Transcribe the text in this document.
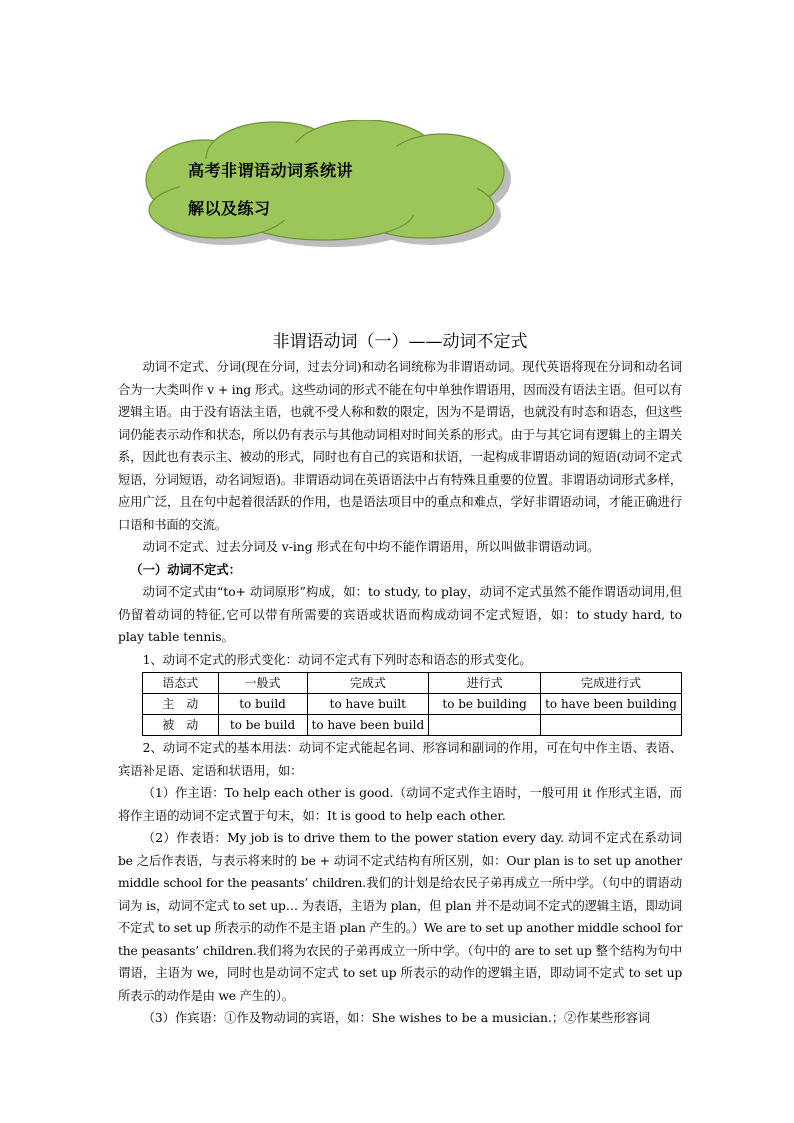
高考非谓语动词系统讲
解以及练习
非谓语动词（一）——动词不定式

动词不定式、分词(现在分词，过去分词)和动名词统称为非谓语动词。现代英语将现在分词和动名词合为一大类叫作 v + ing 形式。这些动词的形式不能在句中单独作谓语用，因而没有语法主语。但可以有逻辑主语。由于没有语法主语，也就不受人称和数的限定，因为不是谓语，也就没有时态和语态，但这些词仍能表示动作和状态，所以仍有表示与其他动词相对时间关系的形式。由于与其它词有逻辑上的主谓关系，因此也有表示主、被动的形式，同时也有自己的宾语和状语，一起构成非谓语动词的短语(动词不定式短语，分词短语，动名词短语)。非谓语动词在英语语法中占有特殊且重要的位置。非谓语动词形式多样，应用广泛，且在句中起着很活跃的作用，也是语法项目中的重点和难点，学好非谓语动词，才能正确进行口语和书面的交流。

动词不定式、过去分词及 v-ing 形式在句中均不能作谓语用，所以叫做非谓语动词。

（一）动词不定式：

动词不定式由“to+ 动词原形”构成，如：to study, to play，动词不定式虽然不能作谓语动词用,但仍留着动词的特征,它可以带有所需要的宾语或状语而构成动词不定式短语，如：to study hard, to play table tennis。

1、动词不定式的形式变化：动词不定式有下列时态和语态的形式变化。

语态式	一般式	完成式	进行式	完成进行式
主　动	to build	to have built	to be building	to have been building
被　动	to be build	to have been build		

2、动词不定式的基本用法：动词不定式能起名词、形容词和副词的作用，可在句中作主语、表语、宾语补足语、定语和状语用，如：

（1）作主语：To help each other is good.（动词不定式作主语时，一般可用 it 作形式主语，而将作主语的动词不定式置于句末，如：It is good to help each other.

（2）作表语：My job is to drive them to the power station every day. 动词不定式在系动词 be 之后作表语，与表示将来时的 be + 动词不定式结构有所区别，如：Our plan is to set up another middle school for the peasants’ children.我们的计划是给农民子弟再成立一所中学。（句中的谓语动词为 is，动词不定式 to set up… 为表语，主语为 plan，但 plan 并不是动词不定式的逻辑主语，即动词不定式 to set up 所表示的动作不是主语 plan 产生的。）We are to set up another middle school for the peasants’ children.我们将为农民的子弟再成立一所中学。（句中的 are to set up 整个结构为句中谓语，主语为 we，同时也是动词不定式 to set up 所表示的动作的逻辑主语，即动词不定式 to set up 所表示的动作是由 we 产生的）。

（3）作宾语：①作及物动词的宾语，如：She wishes to be a musician.；②作某些形容词
